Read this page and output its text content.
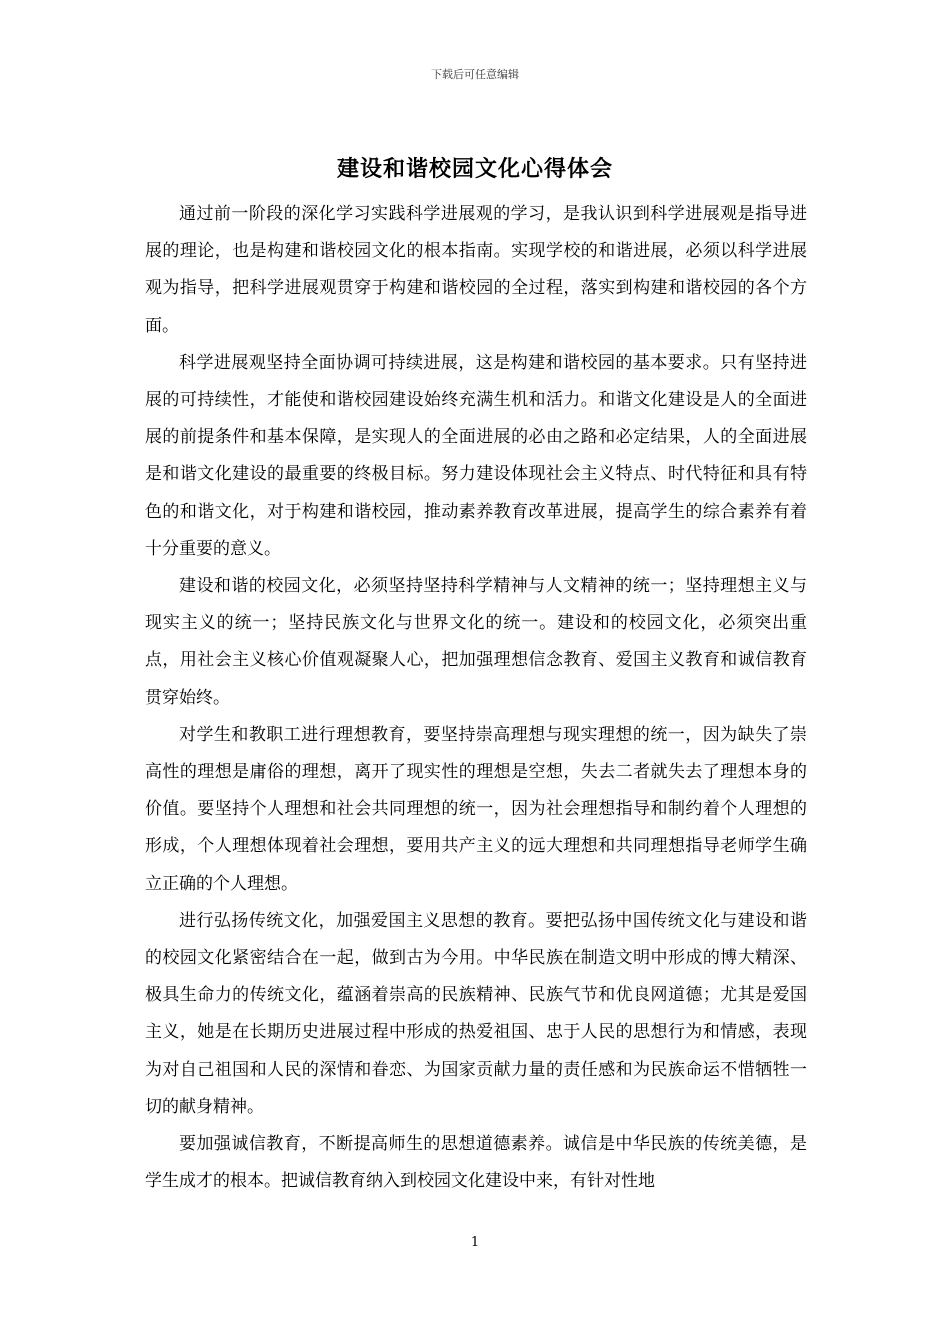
下载后可任意编辑
建设和谐校园文化心得体会

通过前一阶段的深化学习实践科学进展观的学习，是我认识到科学进展观是指导进展的理论，也是构建和谐校园文化的根本指南。实现学校的和谐进展，必须以科学进展观为指导，把科学进展观贯穿于构建和谐校园的全过程，落实到构建和谐校园的各个方面。

科学进展观坚持全面协调可持续进展，这是构建和谐校园的基本要求。只有坚持进展的可持续性，才能使和谐校园建设始终充满生机和活力。和谐文化建设是人的全面进展的前提条件和基本保障，是实现人的全面进展的必由之路和必定结果，人的全面进展是和谐文化建设的最重要的终极目标。努力建设体现社会主义特点、时代特征和具有特色的和谐文化，对于构建和谐校园，推动素养教育改革进展，提高学生的综合素养有着十分重要的意义。

建设和谐的校园文化，必须坚持坚持科学精神与人文精神的统一；坚持理想主义与现实主义的统一；坚持民族文化与世界文化的统一。建设和的校园文化，必须突出重点，用社会主义核心价值观凝聚人心，把加强理想信念教育、爱国主义教育和诚信教育贯穿始终。

对学生和教职工进行理想教育，要坚持崇高理想与现实理想的统一，因为缺失了崇高性的理想是庸俗的理想，离开了现实性的理想是空想，失去二者就失去了理想本身的价值。要坚持个人理想和社会共同理想的统一，因为社会理想指导和制约着个人理想的形成，个人理想体现着社会理想，要用共产主义的远大理想和共同理想指导老师学生确立正确的个人理想。

进行弘扬传统文化，加强爱国主义思想的教育。要把弘扬中国传统文化与建设和谐的校园文化紧密结合在一起，做到古为今用。中华民族在制造文明中形成的博大精深、极具生命力的传统文化，蕴涵着崇高的民族精神、民族气节和优良网道德；尤其是爱国主义，她是在长期历史进展过程中形成的热爱祖国、忠于人民的思想行为和情感，表现为对自己祖国和人民的深情和眷恋、为国家贡献力量的责任感和为民族命运不惜牺牲一切的献身精神。

要加强诚信教育，不断提高师生的思想道德素养。诚信是中华民族的传统美德，是学生成才的根本。把诚信教育纳入到校园文化建设中来，有针对性地

1
